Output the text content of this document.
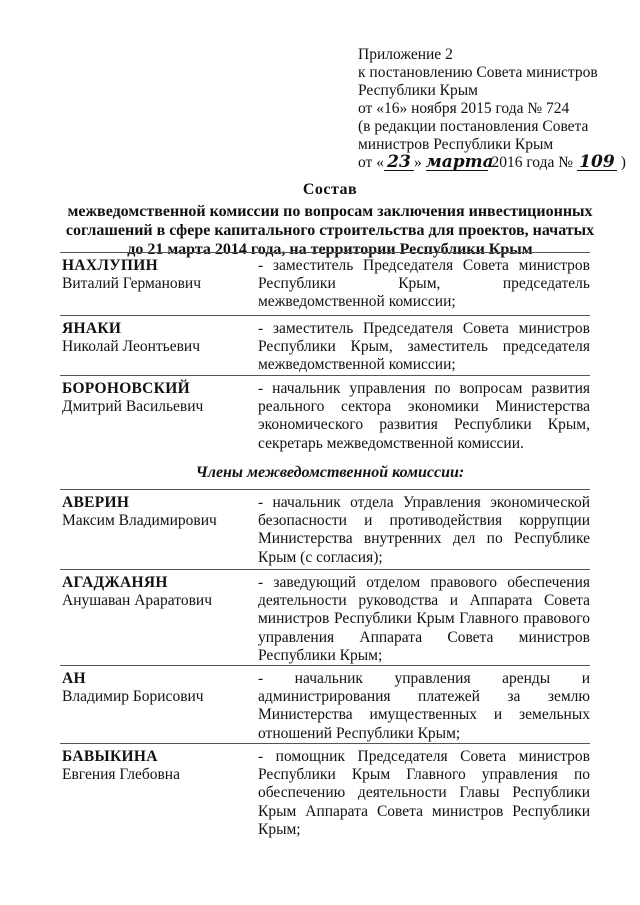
Приложение 2
к постановлению Совета министров
Республики Крым
от «16» ноября 2015 года № 724
(в редакции постановления Совета
министров Республики Крым
от « 23 » марта 2016 года № 109 )
Состав
межведомственной комиссии по вопросам заключения инвестиционных
соглашений в сфере капитального строительства для проектов, начатых
до 21 марта 2014 года, на территории Республики Крым
НАХЛУПИН
Виталий Германович
- заместитель Председателя Совета министров Республики Крым, председатель межведомственной комиссии;
ЯНАКИ
Николай Леонтьевич
- заместитель Председателя Совета министров Республики Крым, заместитель председателя межведомственной комиссии;
БОРОНОВСКИЙ
Дмитрий Васильевич
- начальник управления по вопросам развития реального сектора экономики Министерства экономического развития Республики Крым, секретарь межведомственной комиссии.
Члены межведомственной комиссии:
АВЕРИН
Максим Владимирович
- начальник отдела Управления экономической безопасности и противодействия коррупции Министерства внутренних дел по Республике Крым (с согласия);
АГАДЖАНЯН
Анушаван Араратович
- заведующий отделом правового обеспечения деятельности руководства и Аппарата Совета министров Республики Крым Главного правового управления Аппарата Совета министров Республики Крым;
АН
Владимир Борисович
- начальник управления аренды и администрирования платежей за землю Министерства имущественных и земельных отношений Республики Крым;
БАВЫКИНА
Евгения Глебовна
- помощник Председателя Совета министров Республики Крым Главного управления по обеспечению деятельности Главы Республики Крым Аппарата Совета министров Республики Крым;
